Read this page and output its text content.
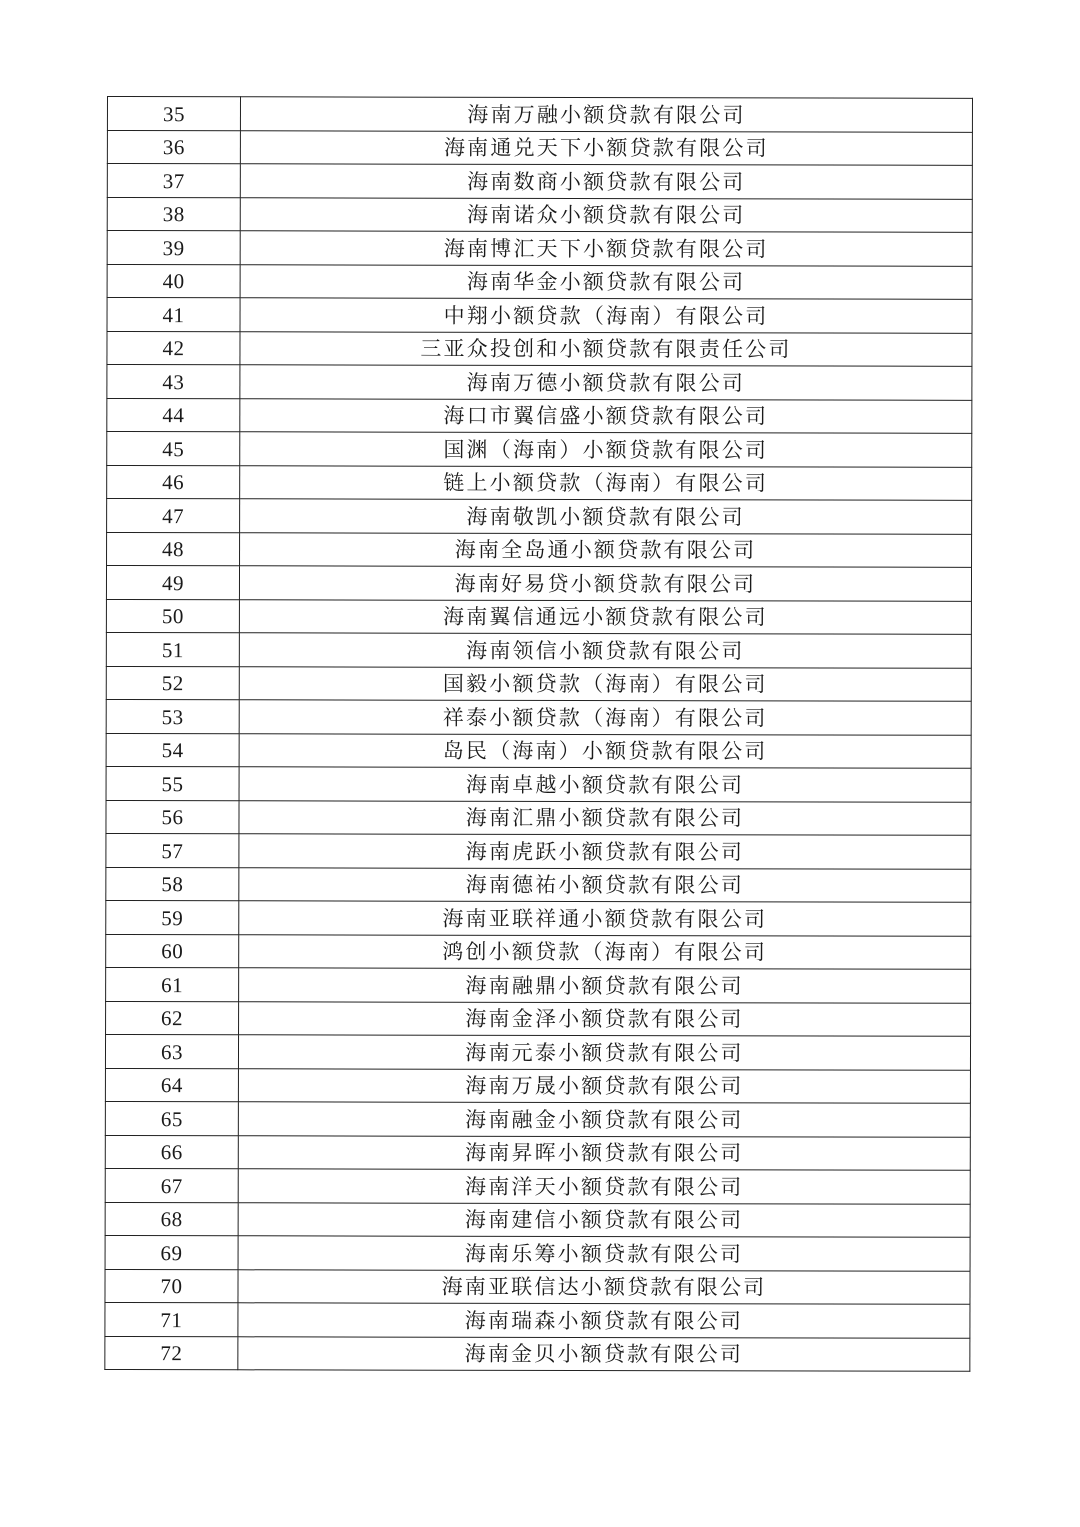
35	海南万融小额贷款有限公司
36	海南通兑天下小额贷款有限公司
37	海南数商小额贷款有限公司
38	海南诺众小额贷款有限公司
39	海南博汇天下小额贷款有限公司
40	海南华金小额贷款有限公司
41	中翔小额贷款（海南）有限公司
42	三亚众投创和小额贷款有限责任公司
43	海南万德小额贷款有限公司
44	海口市翼信盛小额贷款有限公司
45	国渊（海南）小额贷款有限公司
46	链上小额贷款（海南）有限公司
47	海南敬凯小额贷款有限公司
48	海南全岛通小额贷款有限公司
49	海南好易贷小额贷款有限公司
50	海南翼信通远小额贷款有限公司
51	海南领信小额贷款有限公司
52	国毅小额贷款（海南）有限公司
53	祥泰小额贷款（海南）有限公司
54	岛民（海南）小额贷款有限公司
55	海南卓越小额贷款有限公司
56	海南汇鼎小额贷款有限公司
57	海南虎跃小额贷款有限公司
58	海南德祐小额贷款有限公司
59	海南亚联祥通小额贷款有限公司
60	鸿创小额贷款（海南）有限公司
61	海南融鼎小额贷款有限公司
62	海南金泽小额贷款有限公司
63	海南元泰小额贷款有限公司
64	海南万晟小额贷款有限公司
65	海南融金小额贷款有限公司
66	海南昇晖小额贷款有限公司
67	海南洋天小额贷款有限公司
68	海南建信小额贷款有限公司
69	海南乐筹小额贷款有限公司
70	海南亚联信达小额贷款有限公司
71	海南瑞森小额贷款有限公司
72	海南金贝小额贷款有限公司
